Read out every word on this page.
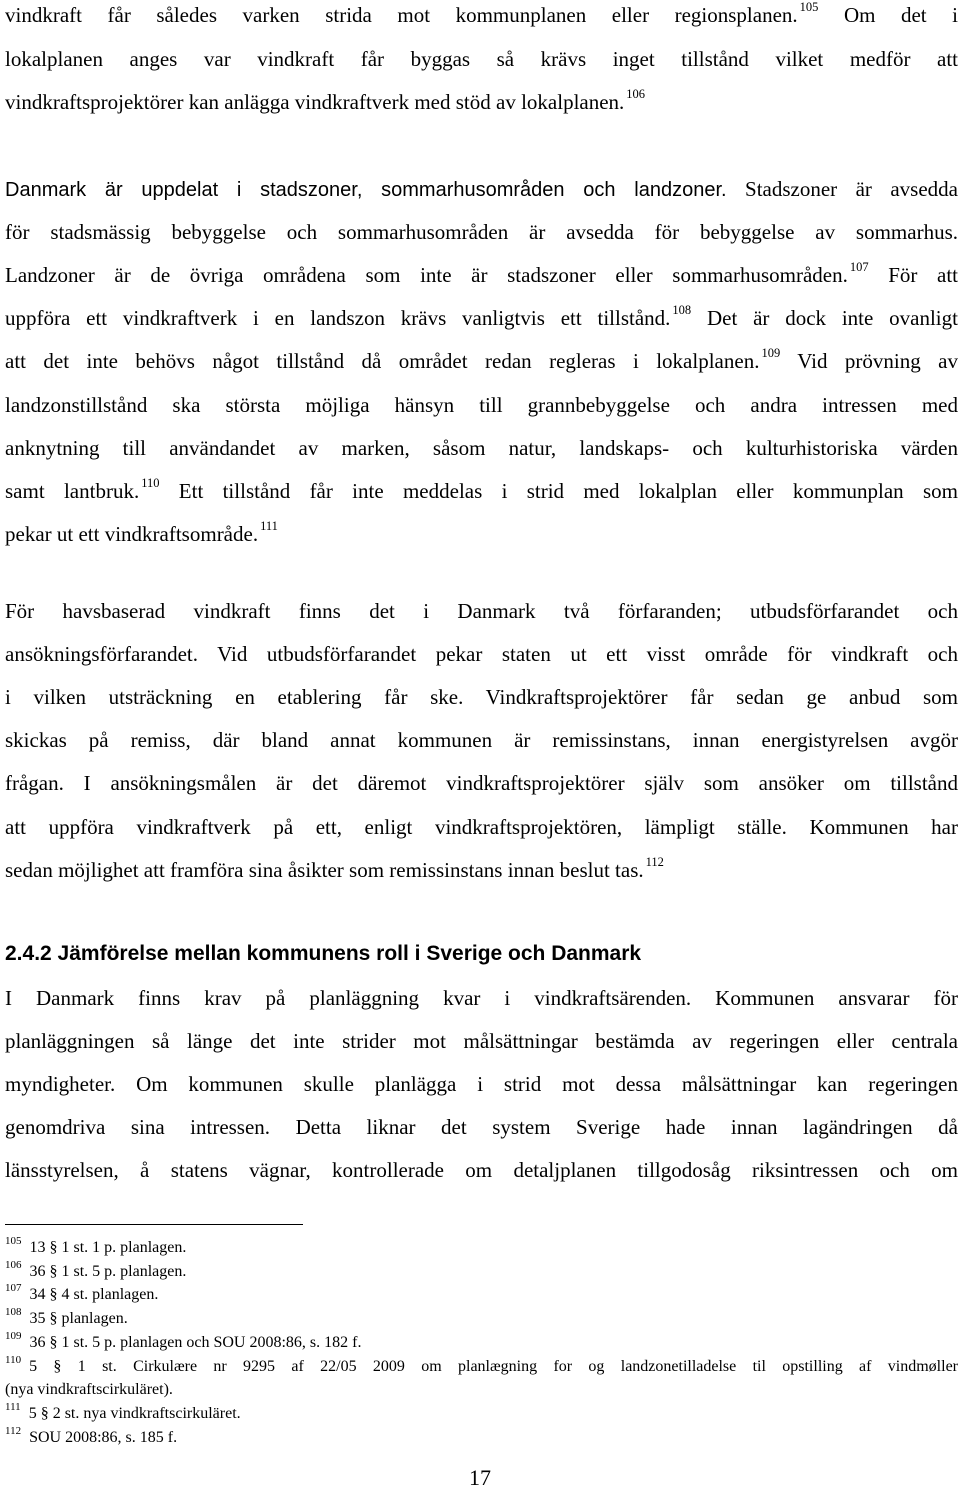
vindkraft får således varken strida mot kommunplanen eller regionsplanen. $^{105}$ Om det i
lokalplanen anges var vindkraft får byggas så krävs inget tillstånd vilket medför att
vindkraftsprojektörer kan anlägga vindkraftverk med stöd av lokalplanen. $^{106}$
Danmark är uppdelat i stadszoner, sommarhusområden och landzoner. Stadszoner är avsedda
för stadsmässig bebyggelse och sommarhusområden är avsedda för bebyggelse av sommarhus.
Landzoner är de övriga områdena som inte är stadszoner eller sommarhusområden. $^{107}$ För att
uppföra ett vindkraftverk i en landszon krävs vanligtvis ett tillstånd. $^{108}$ Det är dock inte ovanligt
att det inte behövs något tillstånd då området redan regleras i lokalplanen. $^{109}$ Vid prövning av
landzonstillstånd ska största möjliga hänsyn till grannbebyggelse och andra intressen med
anknytning till användandet av marken, såsom natur, landskaps- och kulturhistoriska värden
samt lantbruk. $^{110}$ Ett tillstånd får inte meddelas i strid med lokalplan eller kommunplan som
pekar ut ett vindkraftsområde. $^{111}$
För havsbaserad vindkraft finns det i Danmark två förfaranden; utbudsförfarandet och
ansökningsförfarandet. Vid utbudsförfarandet pekar staten ut ett visst område för vindkraft och
i vilken utsträckning en etablering får ske. Vindkraftsprojektörer får sedan ge anbud som
skickas på remiss, där bland annat kommunen är remissinstans, innan energistyrelsen avgör
frågan. I ansökningsmålen är det däremot vindkraftsprojektörer själv som ansöker om tillstånd
att uppföra vindkraftverk på ett, enligt vindkraftsprojektören, lämpligt ställe. Kommunen har
sedan möjlighet att framföra sina åsikter som remissinstans innan beslut tas. $^{112}$
2.4.2 Jämförelse mellan kommunens roll i Sverige och Danmark
I Danmark finns krav på planläggning kvar i vindkraftsärenden. Kommunen ansvarar för
planläggningen så länge det inte strider mot målsättningar bestämda av regeringen eller centrala
myndigheter. Om kommunen skulle planlägga i strid mot dessa målsättningar kan regeringen
genomdriva sina intressen. Detta liknar det system Sverige hade innan lagändringen då
länsstyrelsen, å statens vägnar, kontrollerade om detaljplanen tillgodosåg riksintressen och om
$^{105}$ 13 § 1 st. 1 p. planlagen.
$^{106}$ 36 § 1 st. 5 p. planlagen.
$^{107}$ 34 § 4 st. planlagen.
$^{108}$ 35 § planlagen.
$^{109}$ 36 § 1 st. 5 p. planlagen och SOU 2008:86, s. 182 f.
$^{110}$ 5 § 1 st. Cirkulære nr 9295 af 22/05 2009 om planlægning for og landzonetilladelse til opstilling af vindmøller
(nya vindkraftscirkuläret).
$^{111}$ 5 § 2 st. nya vindkraftscirkuläret.
$^{112}$ SOU 2008:86, s. 185 f.
17
